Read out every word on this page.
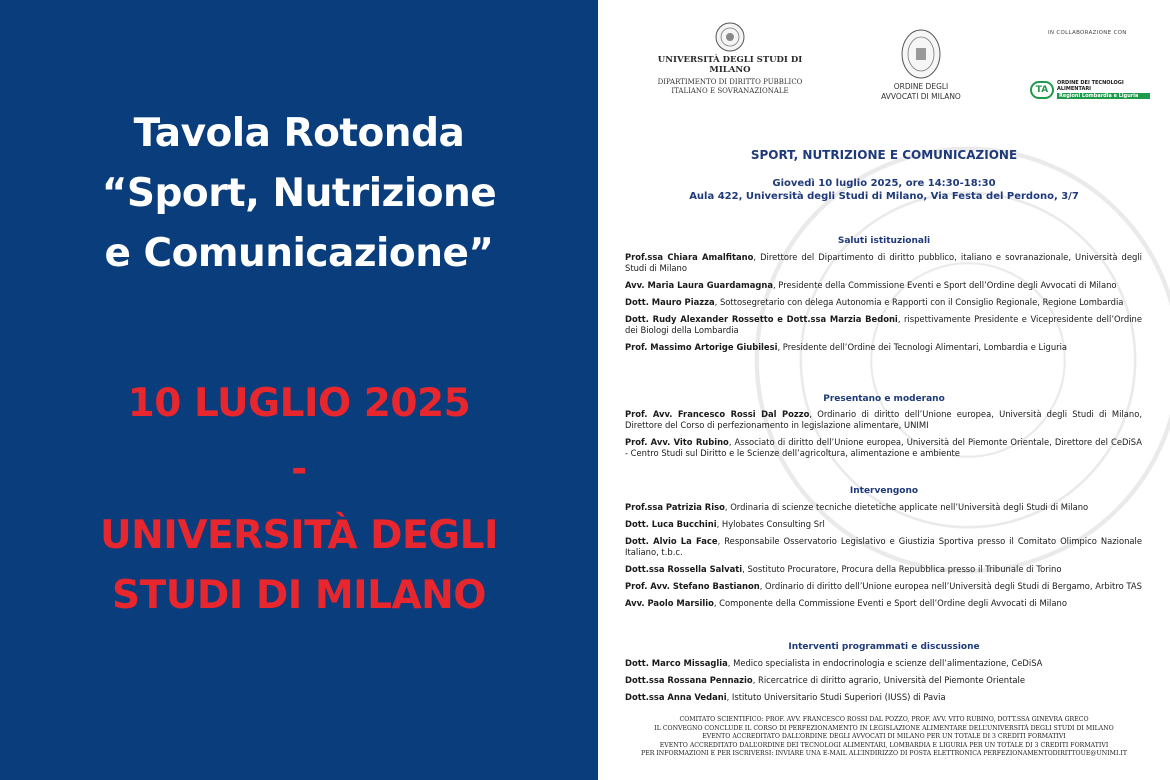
Tavola Rotonda
“Sport, Nutrizione
e Comunicazione”
10 LUGLIO 2025
-
UNIVERSITÀ DEGLI
STUDI DI MILANO
UNIVERSITÀ DEGLI STUDI DI MILANO
DIPARTIMENTO DI DIRITTO PUBBLICO
ITALIANO E SOVRANAZIONALE	ORDINE DEGLI
AVVOCATI DI MILANO
IN COLLABORAZIONE CON
TA
ORDINE DEI TECNOLOGI ALIMENTARI
Regioni Lombardia e Liguria
SPORT, NUTRIZIONE E COMUNICAZIONE
Giovedì 10 luglio 2025, ore 14:30-18:30
Aula 422, Università degli Studi di Milano, Via Festa del Perdono, 3/7
Saluti istituzionali
Prof.ssa Chiara Amalfitano, Direttore del Dipartimento di diritto pubblico, italiano e sovranazionale, Università degli Studi di Milano
Avv. Maria Laura Guardamagna, Presidente della Commissione Eventi e Sport dell’Ordine degli Avvocati di Milano
Dott. Mauro Piazza, Sottosegretario con delega Autonomia e Rapporti con il Consiglio Regionale, Regione Lombardia
Dott. Rudy Alexander Rossetto e Dott.ssa Marzia Bedoni, rispettivamente Presidente e Vicepresidente dell’Ordine dei Biologi della Lombardia
Prof. Massimo Artorige Giubilesi, Presidente dell’Ordine dei Tecnologi Alimentari, Lombardia e Liguria
Presentano e moderano
Prof. Avv. Francesco Rossi Dal Pozzo, Ordinario di diritto dell’Unione europea, Università degli Studi di Milano, Direttore del Corso di perfezionamento in legislazione alimentare, UNIMI
Prof. Avv. Vito Rubino, Associato di diritto dell’Unione europea, Università del Piemonte Orientale, Direttore del CeDiSA - Centro Studi sul Diritto e le Scienze dell’agricoltura, alimentazione e ambiente
Intervengono
Prof.ssa Patrizia Riso, Ordinaria di scienze tecniche dietetiche applicate nell’Università degli Studi di Milano
Dott. Luca Bucchini, Hylobates Consulting Srl
Dott. Alvio La Face, Responsabile Osservatorio Legislativo e Giustizia Sportiva presso il Comitato Olimpico Nazionale Italiano, t.b.c.
Dott.ssa Rossella Salvati, Sostituto Procuratore, Procura della Repubblica presso il Tribunale di Torino
Prof. Avv. Stefano Bastianon, Ordinario di diritto dell’Unione europea nell’Università degli Studi di Bergamo, Arbitro TAS
Avv. Paolo Marsilio, Componente della Commissione Eventi e Sport dell’Ordine degli Avvocati di Milano
Interventi programmati e discussione
Dott. Marco Missaglia, Medico specialista in endocrinologia e scienze dell’alimentazione, CeDiSA
Dott.ssa Rossana Pennazio, Ricercatrice di diritto agrario, Università del Piemonte Orientale
Dott.ssa Anna Vedani, Istituto Universitario Studi Superiori (IUSS) di Pavia
COMITATO SCIENTIFICO: PROF. AVV. FRANCESCO ROSSI DAL POZZO, PROF. AVV. VITO RUBINO, DOTT.SSA GINEVRA GRECO
IL CONVEGNO CONCLUDE IL CORSO DI PERFEZIONAMENTO IN LEGISLAZIONE ALIMENTARE DELL’UNIVERSITÀ DEGLI STUDI DI MILANO
EVENTO ACCREDITATO DALL’ORDINE DEGLI AVVOCATI DI MILANO PER UN TOTALE DI 3 CREDITI FORMATIVI
EVENTO ACCREDITATO DALL’ORDINE DEI TECNOLOGI ALIMENTARI, LOMBARDIA E LIGURIA PER UN TOTALE DI 3 CREDITI FORMATIVI
PER INFORMAZIONI E PER ISCRIVERSI: INVIARE UNA E-MAIL ALL’INDIRIZZO DI POSTA ELETTRONICA PERFEZIONAMENTODIRITTOUE@UNIMI.IT
